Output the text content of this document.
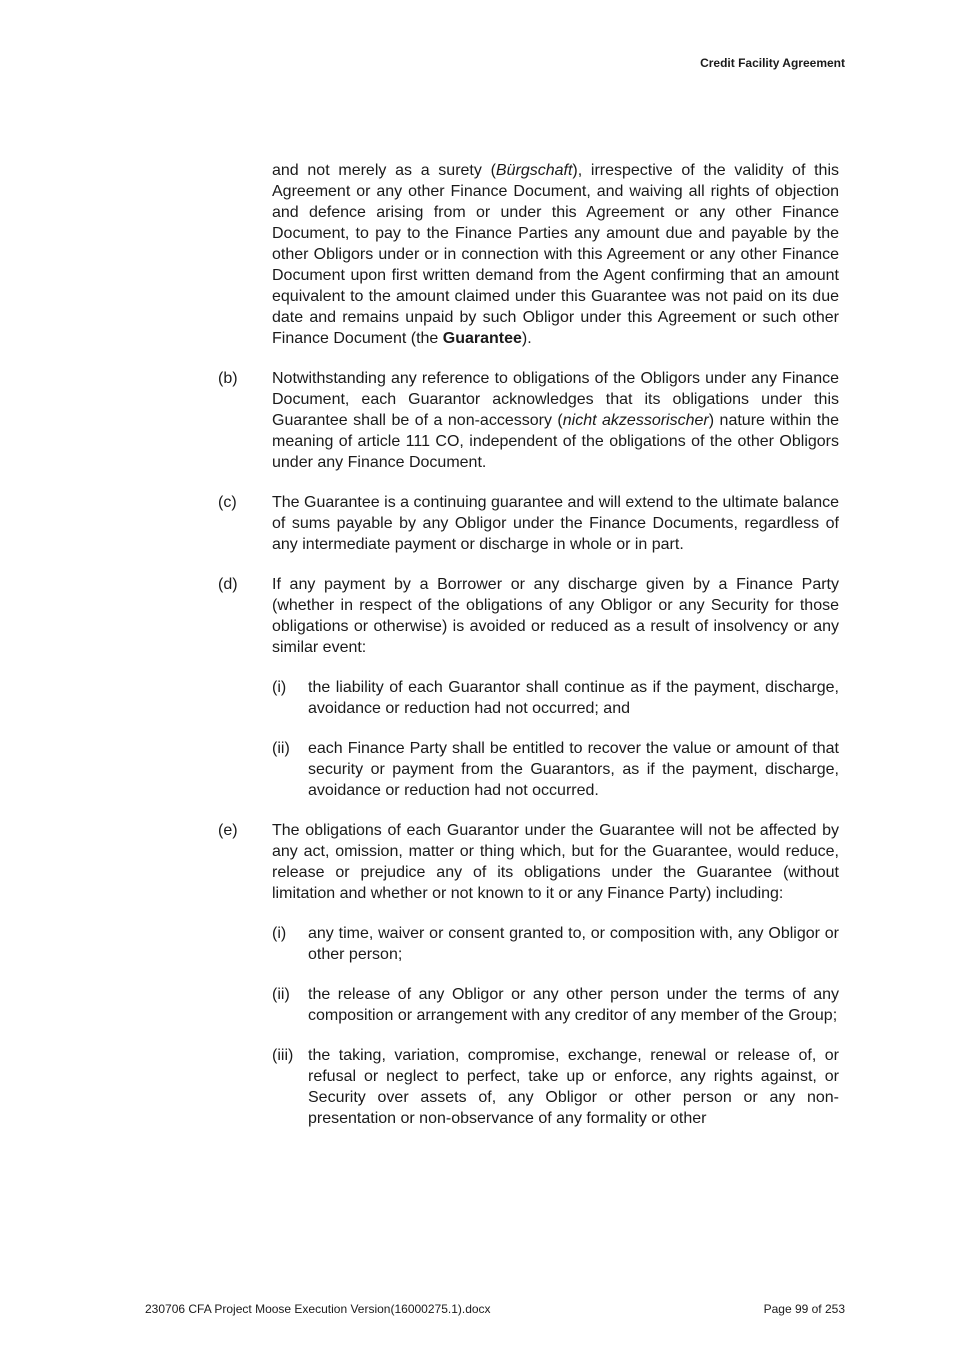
Credit Facility Agreement

and not merely as a surety (Bürgschaft), irrespective of the validity of this Agreement or any other Finance Document, and waiving all rights of objection and defence arising from or under this Agreement or any other Finance Document, to pay to the Finance Parties any amount due and payable by the other Obligors under or in connection with this Agreement or any other Finance Document upon first written demand from the Agent confirming that an amount equivalent to the amount claimed under this Guarantee was not paid on its due date and remains unpaid by such Obligor under this Agreement or such other Finance Document (the Guarantee).

(b) Notwithstanding any reference to obligations of the Obligors under any Finance Document, each Guarantor acknowledges that its obligations under this Guarantee shall be of a non-accessory (nicht akzessorischer) nature within the meaning of article 111 CO, independent of the obligations of the other Obligors under any Finance Document.
(c) The Guarantee is a continuing guarantee and will extend to the ultimate balance of sums payable by any Obligor under the Finance Documents, regardless of any intermediate payment or discharge in whole or in part.
(d) If any payment by a Borrower or any discharge given by a Finance Party (whether in respect of the obligations of any Obligor or any Security for those obligations or otherwise) is avoided or reduced as a result of insolvency or any similar event:
(i) the liability of each Guarantor shall continue as if the payment, discharge, avoidance or reduction had not occurred; and
(ii) each Finance Party shall be entitled to recover the value or amount of that security or payment from the Guarantors, as if the payment, discharge, avoidance or reduction had not occurred.
(e) The obligations of each Guarantor under the Guarantee will not be affected by any act, omission, matter or thing which, but for the Guarantee, would reduce, release or prejudice any of its obligations under the Guarantee (without limitation and whether or not known to it or any Finance Party) including:
(i) any time, waiver or consent granted to, or composition with, any Obligor or other person;
(ii) the release of any Obligor or any other person under the terms of any composition or arrangement with any creditor of any member of the Group;
(iii) the taking, variation, compromise, exchange, renewal or release of, or refusal or neglect to perfect, take up or enforce, any rights against, or Security over assets of, any Obligor or other person or any non-presentation or non-observance of any formality or other
230706 CFA Project Moose Execution Version(16000275.1).docx	Page 99 of 253
